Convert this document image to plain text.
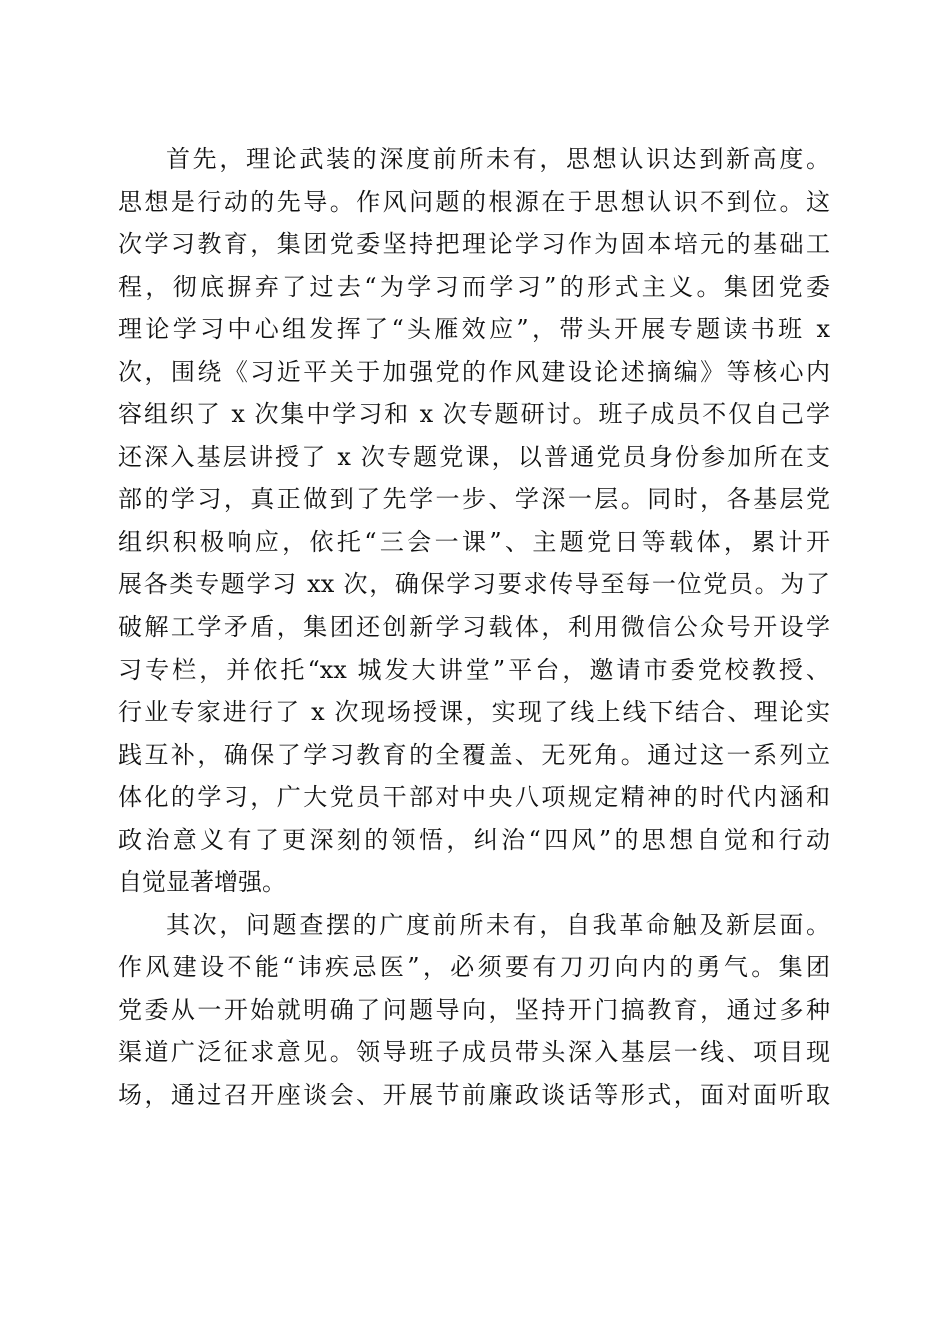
首先，理论武装的深度前所未有，思想认识达到新高度。
思想是行动的先导。作风问题的根源在于思想认识不到位。这
次学习教育，集团党委坚持把理论学习作为固本培元的基础工
程，彻底摒弃了过去“为学习而学习”的形式主义。集团党委
理论学习中心组发挥了“头雁效应”，带头开展专题读书班 x
次，围绕《习近平关于加强党的作风建设论述摘编》等核心内
容组织了 x 次集中学习和 x 次专题研讨。班子成员不仅自己学
还深入基层讲授了 x 次专题党课，以普通党员身份参加所在支
部的学习，真正做到了先学一步、学深一层。同时，各基层党
组织积极响应，依托“三会一课”、主题党日等载体，累计开
展各类专题学习 xx 次，确保学习要求传导至每一位党员。为了
破解工学矛盾，集团还创新学习载体，利用微信公众号开设学
习专栏，并依托“xx 城发大讲堂”平台，邀请市委党校教授、
行业专家进行了 x 次现场授课，实现了线上线下结合、理论实
践互补，确保了学习教育的全覆盖、无死角。通过这一系列立
体化的学习，广大党员干部对中央八项规定精神的时代内涵和
政治意义有了更深刻的领悟，纠治“四风”的思想自觉和行动
自觉显著增强。
其次，问题查摆的广度前所未有，自我革命触及新层面。
作风建设不能“讳疾忌医”，必须要有刀刃向内的勇气。集团
党委从一开始就明确了问题导向，坚持开门搞教育，通过多种
渠道广泛征求意见。领导班子成员带头深入基层一线、项目现
场，通过召开座谈会、开展节前廉政谈话等形式，面对面听取
